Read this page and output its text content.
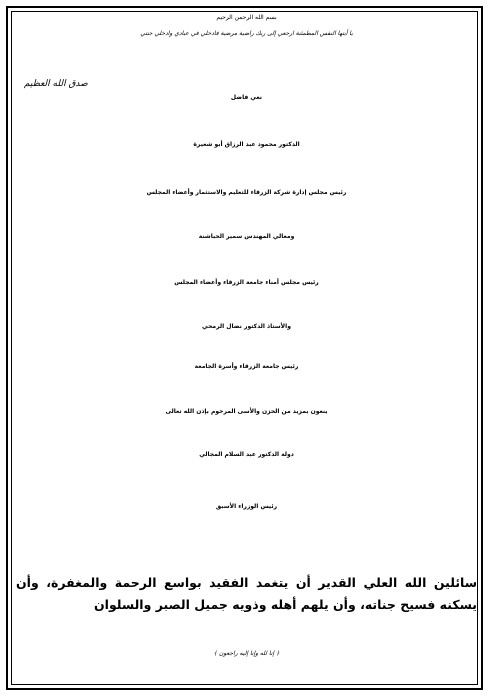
بسم الله الرحمن الرحيم
يا أيتها النفس المطمئنة ارجعي إلى ربك راضية مرضية فادخلي في عبادي وادخلي جنتي
صدق الله العظيم
نعي فاضل
الدكتور محمود عبد الرزاق أبو شعيرة
رئيس مجلس إدارة شركة الزرقاء للتعليم والاستثمار وأعضاء المجلس
ومعالي المهندس سمير الحباشنة
رئيس مجلس أمناء جامعة الزرقاء وأعضاء المجلس
والأستاذ الدكتور نضال الرمحي
رئيس جامعة الزرقاء وأسرة الجامعة
ينعون بمزيد من الحزن والأسى المرحوم بإذن الله تعالى
دولة الدكتور عبد السلام المجالي
رئيس الوزراء الأسبق
سائلين الله العلي القدير أن يتغمد الفقيد بواسع الرحمة والمغفرة، وأن يسكنه فسيح جناته، وأن يلهم أهله وذويه جميل الصبر والسلوان
﴿ إنا لله وإنا إليه راجعون ﴾
